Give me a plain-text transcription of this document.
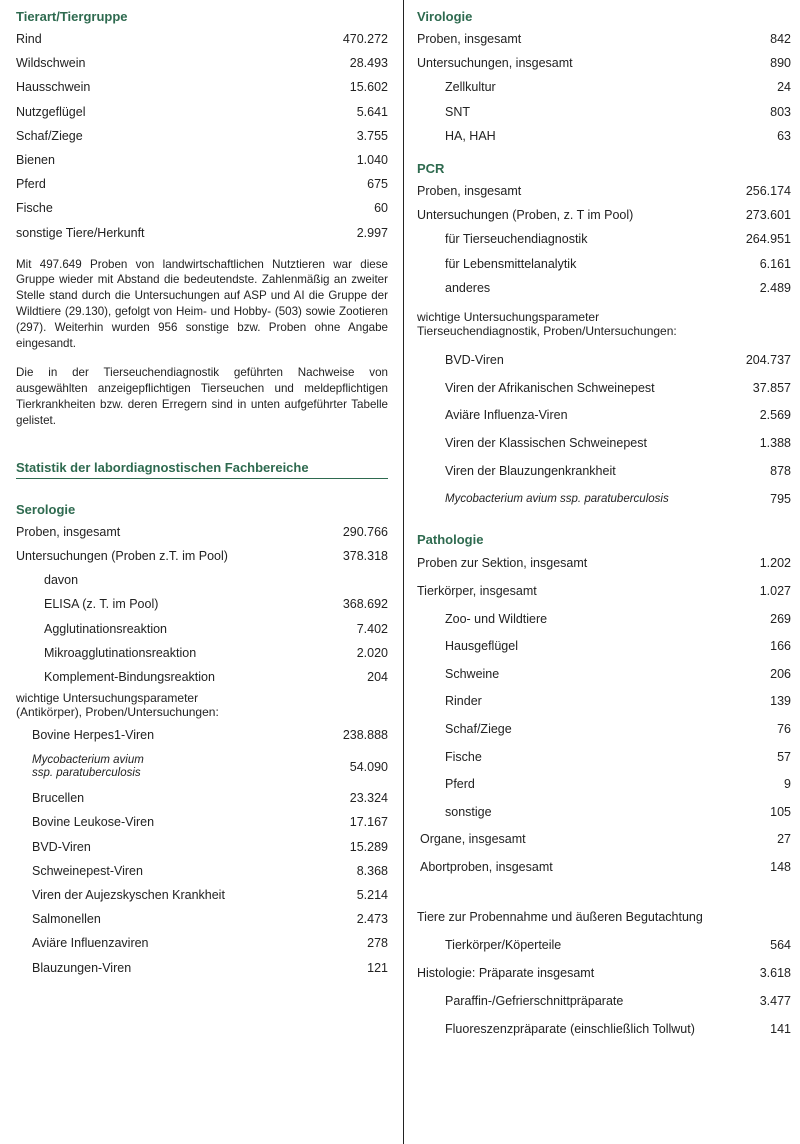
Tierart/Tiergruppe
Rind	470.272
Wildschwein	28.493
Hausschwein	15.602
Nutzgeflügel	5.641
Schaf/Ziege	3.755
Bienen	1.040
Pferd	675
Fische	60
sonstige Tiere/Herkunft	2.997
Mit 497.649 Proben von landwirtschaftlichen Nutztieren war diese Gruppe wieder mit Abstand die bedeutendste. Zahlenmäßig an zweiter Stelle stand durch die Untersuchungen auf ASP und AI die Gruppe der Wildtiere (29.130), gefolgt von Heim- und Hobby- (503) sowie Zootieren (297). Weiterhin wurden 956 sonstige bzw. Proben ohne Angabe eingesandt.
Die in der Tierseuchendiagnostik geführten Nachweise von ausgewählten anzeigepflichtigen Tierseuchen und meldepflichtigen Tierkrankheiten bzw. deren Erregern sind in unten aufgeführter Tabelle gelistet.
Statistik der labordiagnostischen Fachbereiche
Serologie
Proben, insgesamt	290.766
Untersuchungen (Proben z.T. im Pool)	378.318
davon
ELISA (z. T. im Pool)	368.692
Agglutinationsreaktion	7.402
Mikroagglutinationsreaktion	2.020
Komplement-Bindungsreaktion	204
wichtige Untersuchungsparameter
(Antikörper), Proben/Untersuchungen:
Bovine Herpes1-Viren	238.888
Mycobacterium avium
ssp. paratuberculosis	54.090
Brucellen	23.324
Bovine Leukose-Viren	17.167
BVD-Viren	15.289
Schweinepest-Viren	8.368
Viren der Aujezskyschen Krankheit	5.214
Salmonellen	2.473
Aviäre Influenzaviren	278
Blauzungen-Viren	121
Virologie
Proben, insgesamt	842
Untersuchungen, insgesamt	890
Zellkultur	24
SNT	803
HA, HAH	63
PCR
Proben, insgesamt	256.174
Untersuchungen (Proben, z. T im Pool)	273.601
für Tierseuchendiagnostik	264.951
für Lebensmittelanalytik	6.161
anderes	2.489
wichtige Untersuchungsparameter
Tierseuchendiagnostik, Proben/Untersuchungen:
BVD-Viren	204.737
Viren der Afrikanischen Schweinepest	37.857
Aviäre Influenza-Viren	2.569
Viren der Klassischen Schweinepest	1.388
Viren der Blauzungenkrankheit	878
Mycobacterium avium ssp. paratuberculosis	795
Pathologie
Proben zur Sektion, insgesamt	1.202
Tierkörper, insgesamt	1.027
Zoo- und Wildtiere	269
Hausgeflügel	166
Schweine	206
Rinder	139
Schaf/Ziege	76
Fische	57
Pferd	9
sonstige	105
Organe, insgesamt	27
Abortproben, insgesamt	148
Tiere zur Probennahme und äußeren Begutachtung
Tierkörper/Köperteile	564
Histologie: Präparate insgesamt	3.618
Paraffin-/Gefrierschnittpräparate	3.477
Fluoreszenzpräparate (einschließlich Tollwut)	141
